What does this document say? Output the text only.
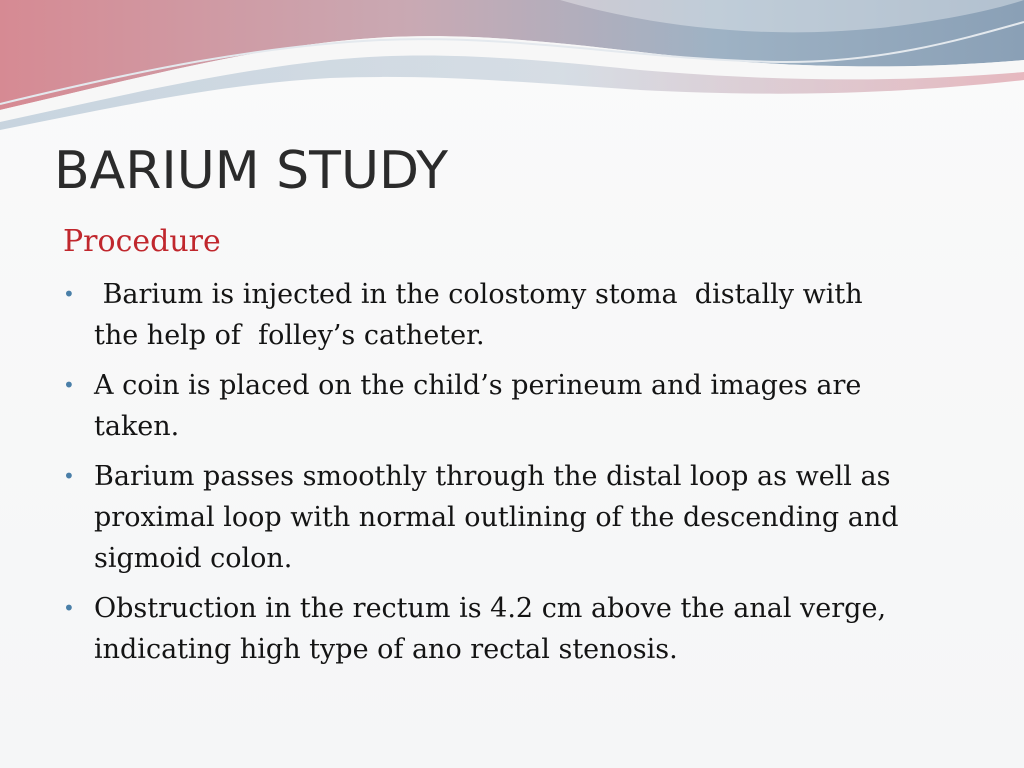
BARIUM STUDY
Procedure
• Barium is injected in the colostomy stoma  distally with
the help of  folley’s catheter.
• A coin is placed on the child’s perineum and images are
taken.
• Barium passes smoothly through the distal loop as well as
proximal loop with normal outlining of the descending and
sigmoid colon.
• Obstruction in the rectum is 4.2 cm above the anal verge,
indicating high type of ano rectal stenosis.
